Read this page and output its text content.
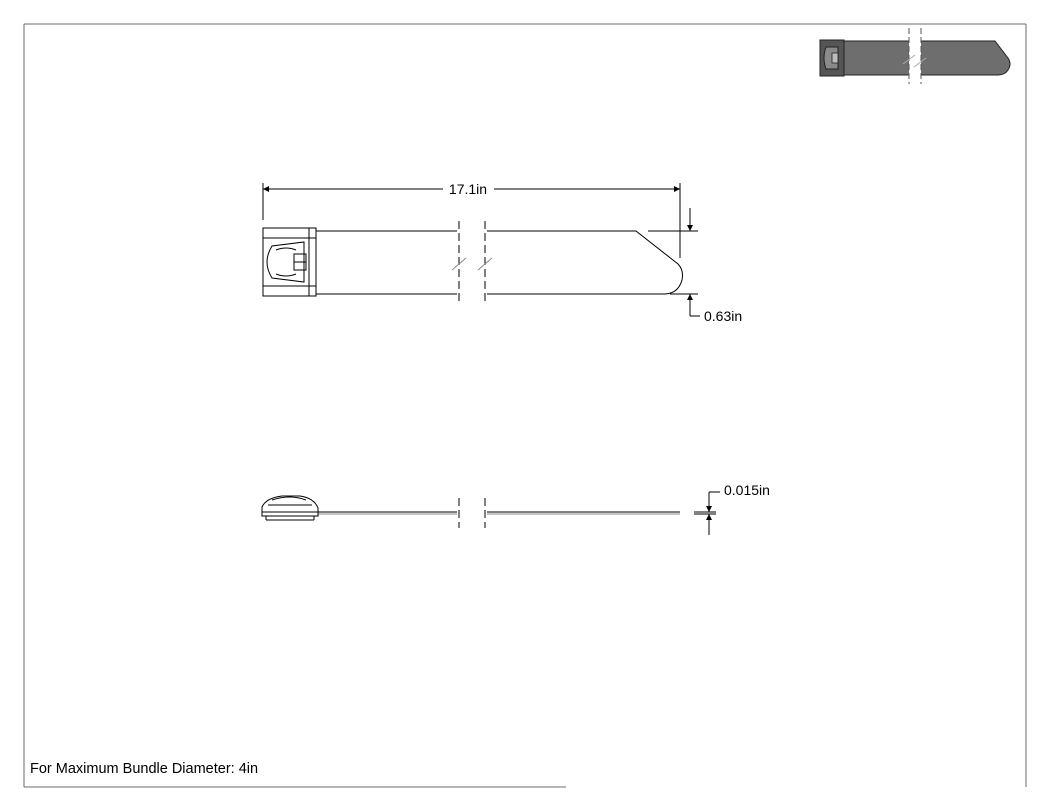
17.1in
0.63in
0.015in
For Maximum Bundle Diameter: 4in
